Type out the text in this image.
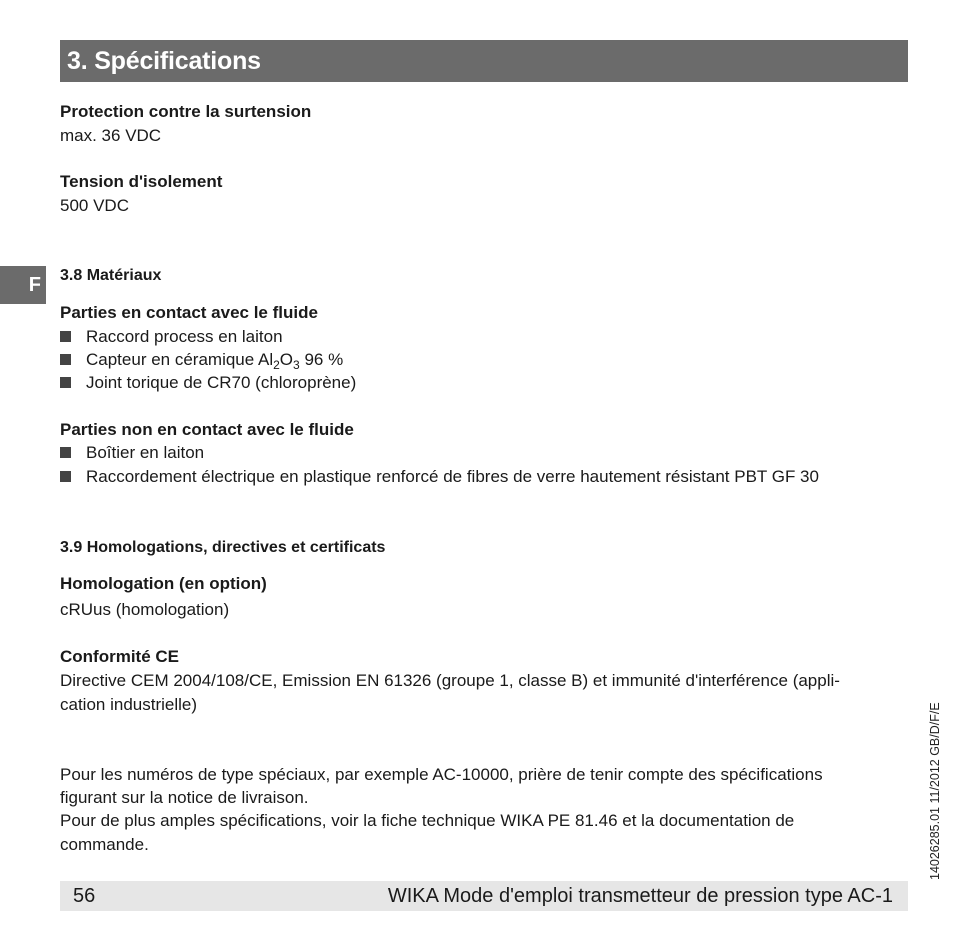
3. Spécifications
F
Protection contre la surtension
max. 36 VDC
Tension d'isolement
500 VDC
3.8 Matériaux
Parties en contact avec le fluide
Raccord process en laiton
Capteur en céramique $Al_2O_3$ 96 %
Joint torique de CR70 (chloroprène)
Parties non en contact avec le fluide
Boîtier en laiton
Raccordement électrique en plastique renforcé de fibres de verre hautement résistant PBT GF 30
3.9 Homologations, directives et certificats
Homologation (en option)
cRUus (homologation)
Conformité CE
Directive CEM 2004/108/CE, Emission EN 61326 (groupe 1, classe B) et immunité d'interférence (appli-
cation industrielle)
Pour les numéros de type spéciaux, par exemple AC-10000, prière de tenir compte des spécifications
figurant sur la notice de livraison.
Pour de plus amples spécifications, voir la fiche technique WIKA PE 81.46 et la documentation de
commande.
56	WIKA Mode d'emploi transmetteur de pression type AC-1
14026285.01 11/2012 GB/D/F/E
